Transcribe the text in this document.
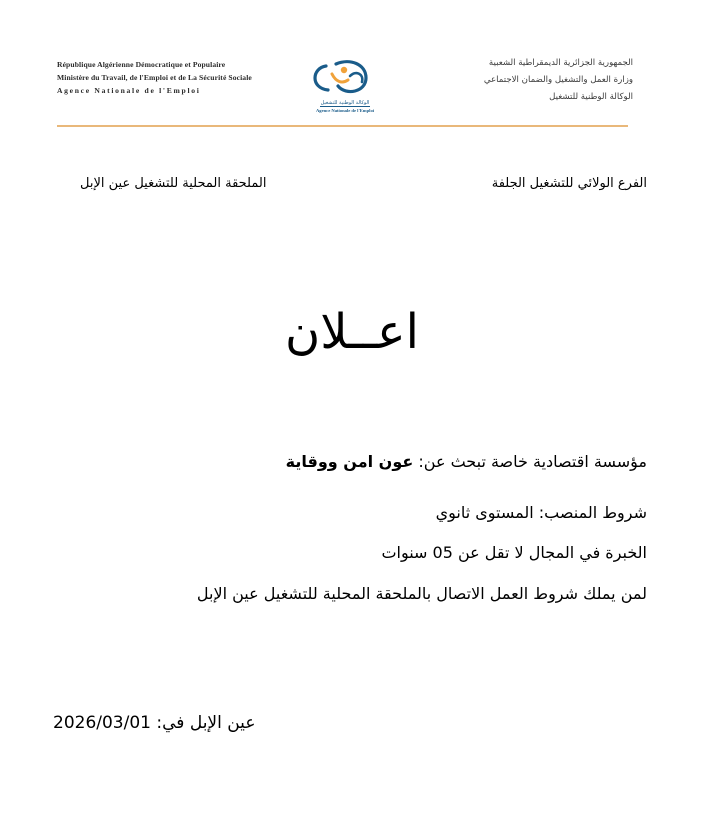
République Algérienne Démocratique et Populaire
Ministère du Travail, de l'Emploi et de La Sécurité Sociale
Agence Nationale de l'Emploi
الوكالة الوطنية للتشغيل
Agence Nationale de l'Emploi
الجمهورية الجزائرية الديمقراطية الشعبية
وزارة العمل والتشغيل والضمان الاجتماعي
الوكالة الوطنية للتشغيل
الفرع الولائي للتشغيل الجلفة
الملحقة المحلية للتشغيل عين الإبل
اعــلان
مؤسسة اقتصادية خاصة تبحث عن: عون امن ووقاية
شروط المنصب: المستوى ثانوي
الخبرة في المجال لا تقل عن 05 سنوات
لمن يملك شروط العمل الاتصال بالملحقة المحلية للتشغيل عين الإبل
عين الإبل في: 2026/03/01
